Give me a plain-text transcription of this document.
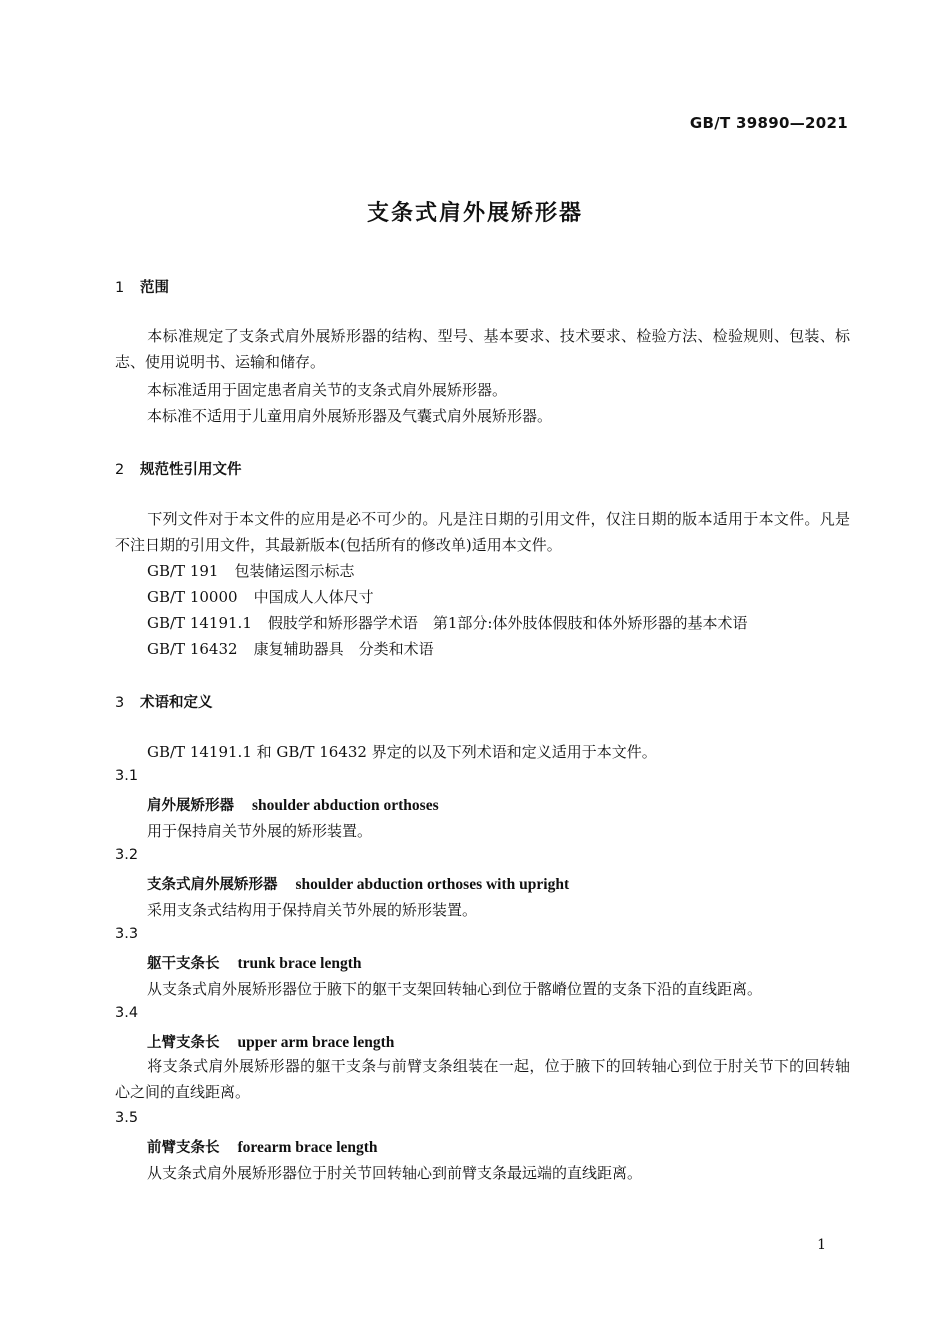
GB/T 39890—2021
支条式肩外展矫形器
1 范围
本标准规定了支条式肩外展矫形器的结构、型号、基本要求、技术要求、检验方法、检验规则、包装、标志、使用说明书、运输和储存。
本标准适用于固定患者肩关节的支条式肩外展矫形器。
本标准不适用于儿童用肩外展矫形器及气囊式肩外展矫形器。
2 规范性引用文件
下列文件对于本文件的应用是必不可少的。凡是注日期的引用文件，仅注日期的版本适用于本文件。凡是不注日期的引用文件，其最新版本(包括所有的修改单)适用本文件。
GB/T 191 包装储运图示标志
GB/T 10000 中国成人人体尺寸
GB/T 14191.1 假肢学和矫形器学术语　第1部分:体外肢体假肢和体外矫形器的基本术语
GB/T 16432 康复辅助器具　分类和术语
3 术语和定义
GB/T 14191.1 和 GB/T 16432 界定的以及下列术语和定义适用于本文件。
3.1
肩外展矫形器 shoulder abduction orthoses
用于保持肩关节外展的矫形装置。
3.2
支条式肩外展矫形器 shoulder abduction orthoses with upright
采用支条式结构用于保持肩关节外展的矫形装置。
3.3
躯干支条长 trunk brace length
从支条式肩外展矫形器位于腋下的躯干支架回转轴心到位于髂嵴位置的支条下沿的直线距离。
3.4
上臂支条长 upper arm brace length
将支条式肩外展矫形器的躯干支条与前臂支条组装在一起，位于腋下的回转轴心到位于肘关节下的回转轴心之间的直线距离。
3.5
前臂支条长 forearm brace length
从支条式肩外展矫形器位于肘关节回转轴心到前臂支条最远端的直线距离。
1
